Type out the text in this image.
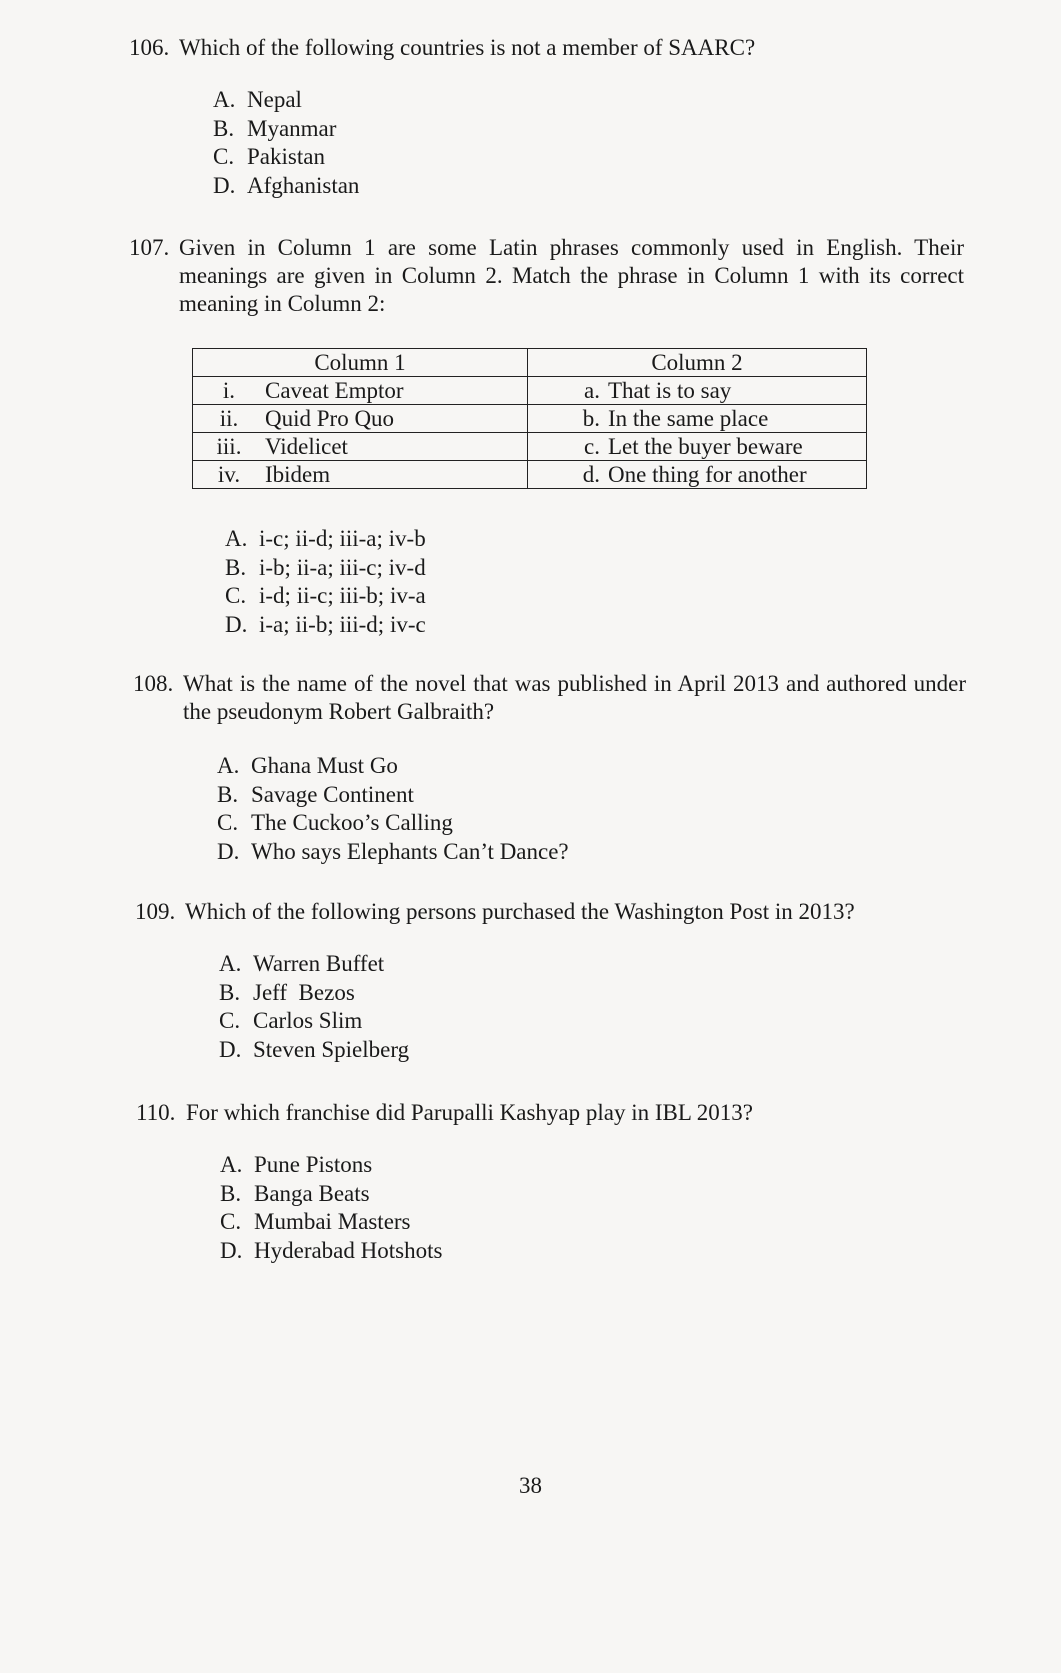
106. Which of the following countries is not a member of SAARC?
A. Nepal
B. Myanmar
C. Pakistan
D. Afghanistan
107. Given in Column 1 are some Latin phrases commonly used in English. Their meanings are given in Column 2. Match the phrase in Column 1 with its correct meaning in Column 2:
Column 1	Column 2

i. Caveat Emptor	a. That is to say

ii. Quid Pro Quo	b. In the same place

iii. Videlicet	c. Let the buyer beware

iv. Ibidem	d. One thing for another
A. i-c; ii-d; iii-a; iv-b
B. i-b; ii-a; iii-c; iv-d
C. i-d; ii-c; iii-b; iv-a
D. i-a; ii-b; iii-d; iv-c
108. What is the name of the novel that was published in April 2013 and authored under the pseudonym Robert Galbraith?
A. Ghana Must Go
B. Savage Continent
C. The Cuckoo’s Calling
D. Who says Elephants Can’t Dance?
109. Which of the following persons purchased the Washington Post in 2013?
A. Warren Buffet
B. Jeff  Bezos
C. Carlos Slim
D. Steven Spielberg
110. For which franchise did Parupalli Kashyap play in IBL 2013?
A. Pune Pistons
B. Banga Beats
C. Mumbai Masters
D. Hyderabad Hotshots
38
